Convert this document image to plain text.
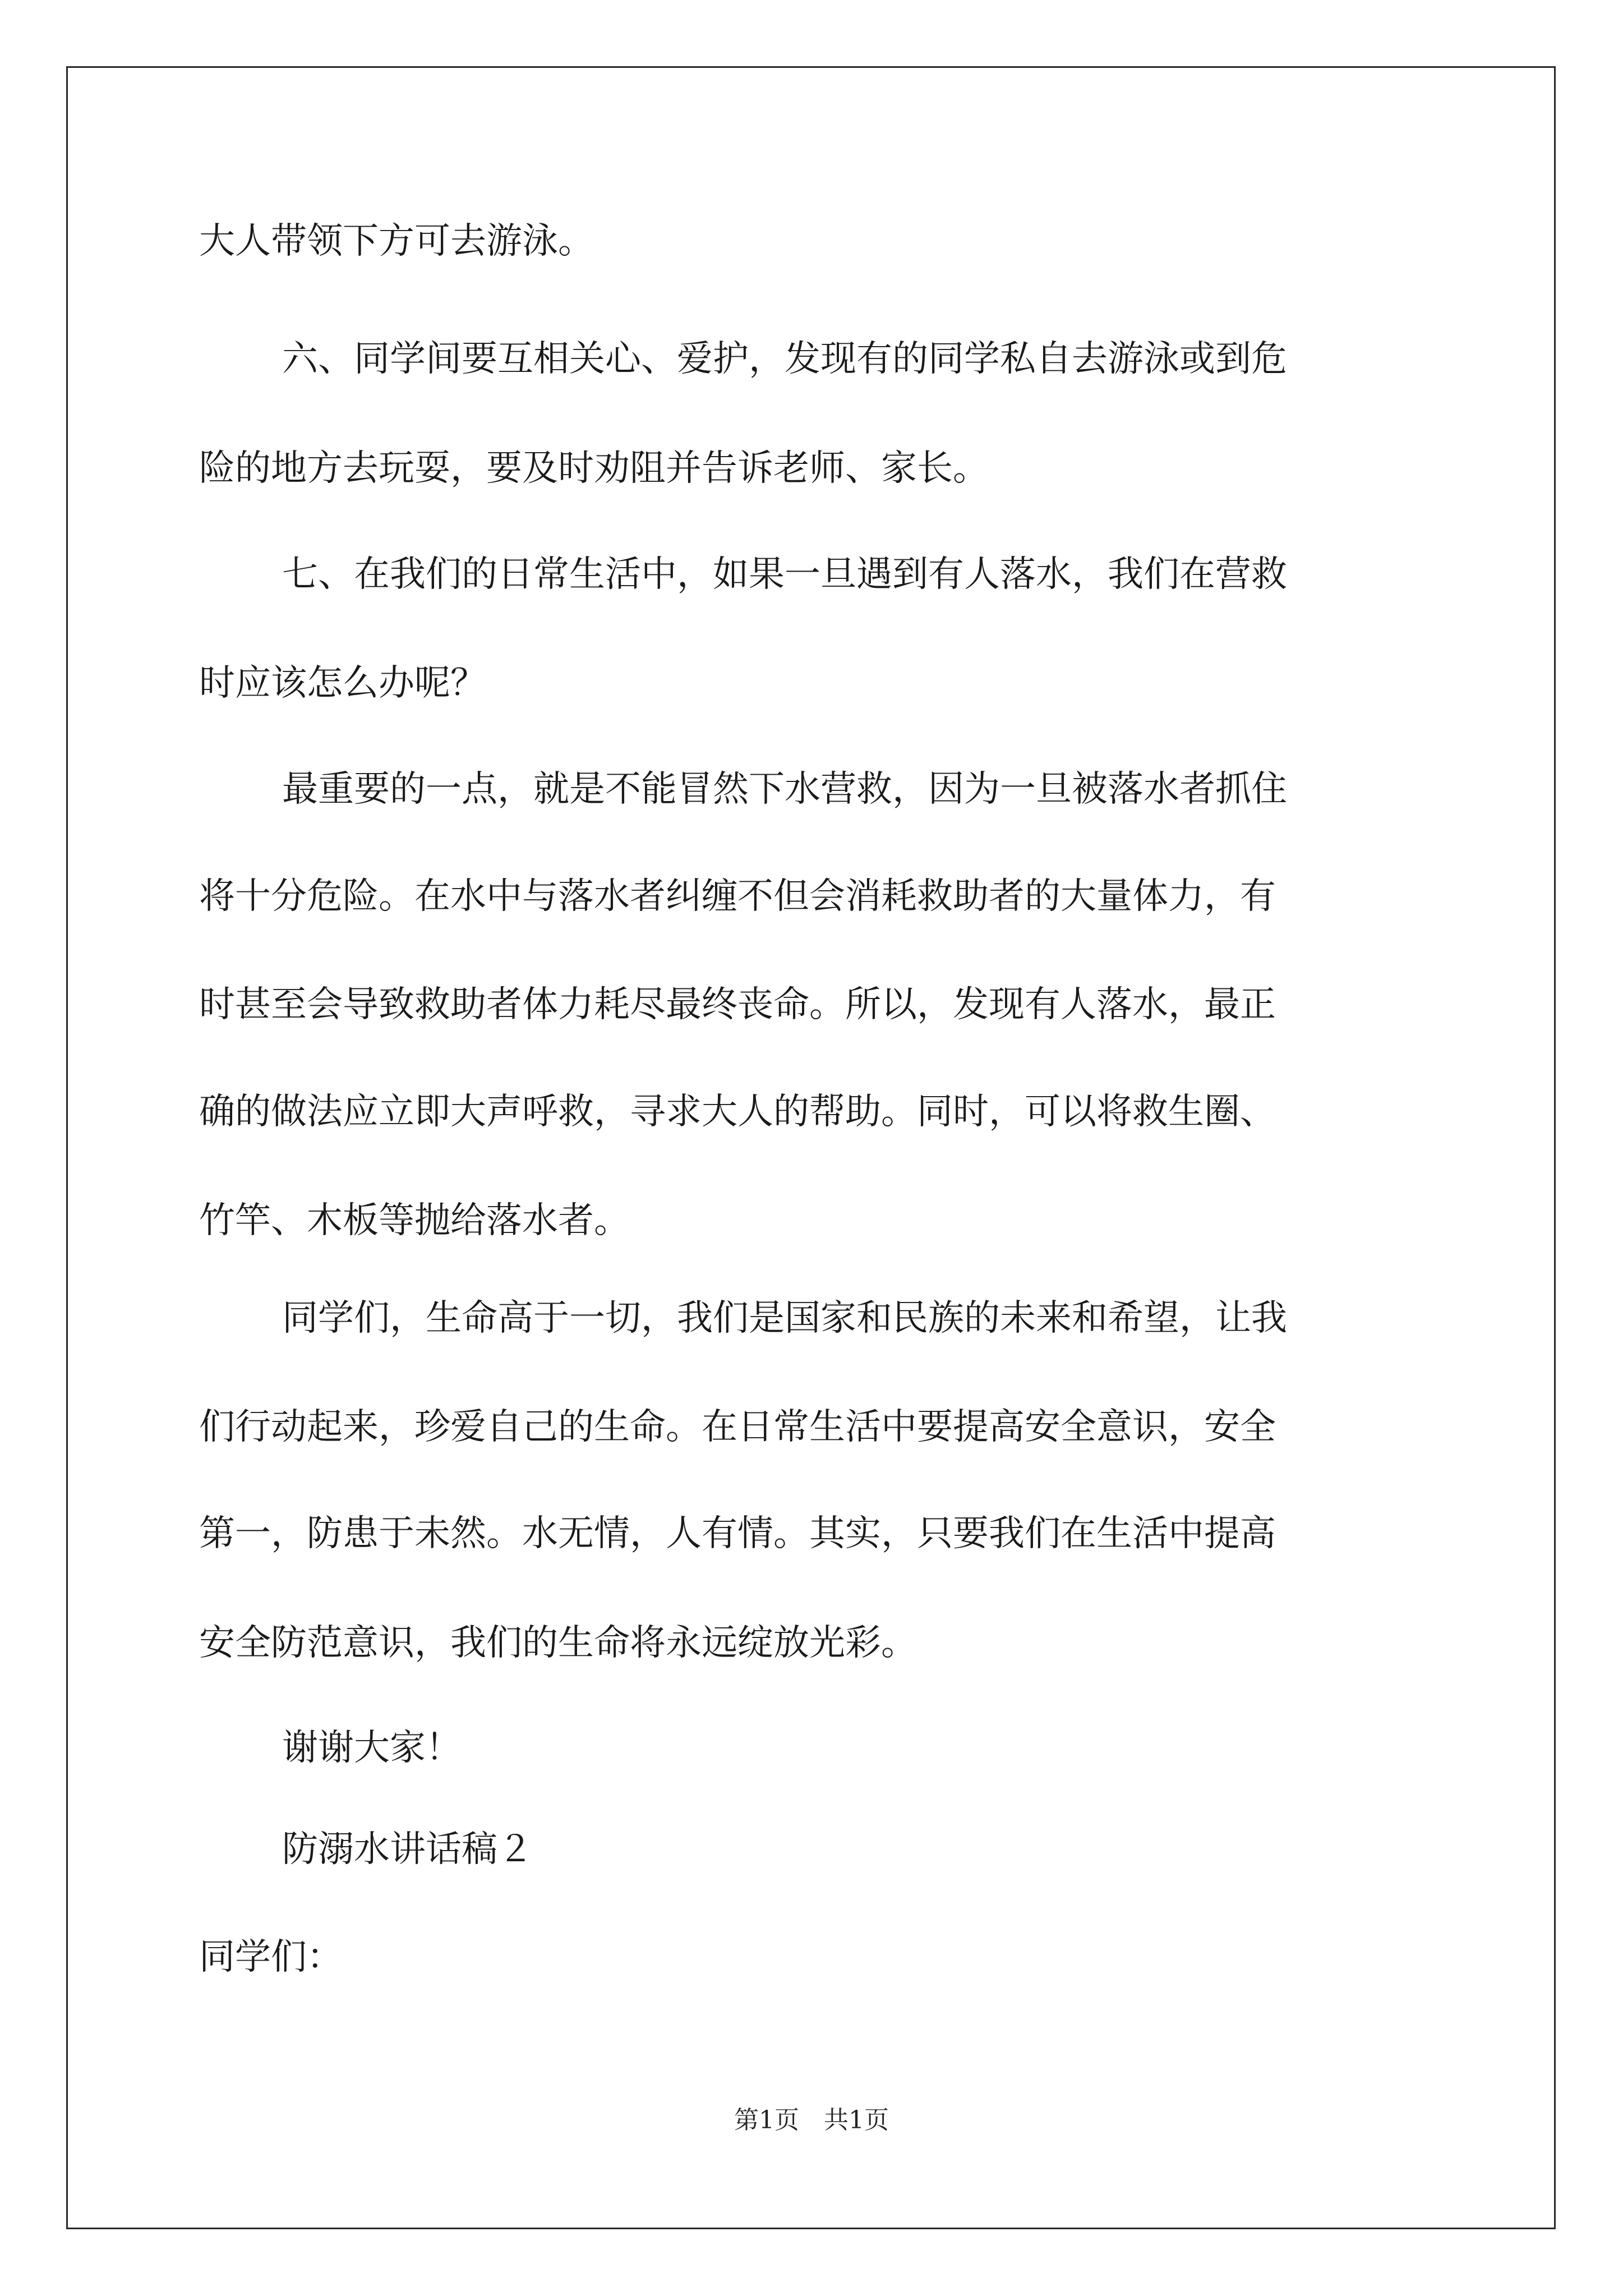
大人带领下方可去游泳。
六、同学间要互相关心、爱护，发现有的同学私自去游泳或到危
险的地方去玩耍，要及时劝阻并告诉老师、家长。
七、在我们的日常生活中，如果一旦遇到有人落水，我们在营救
时应该怎么办呢？
最重要的一点，就是不能冒然下水营救，因为一旦被落水者抓住
将十分危险。在水中与落水者纠缠不但会消耗救助者的大量体力，有
时甚至会导致救助者体力耗尽最终丧命。所以，发现有人落水，最正
确的做法应立即大声呼救，寻求大人的帮助。同时，可以将救生圈、
竹竿、木板等抛给落水者。
同学们，生命高于一切，我们是国家和民族的未来和希望，让我
们行动起来，珍爱自己的生命。在日常生活中要提高安全意识，安全
第一，防患于未然。水无情，人有情。其实，只要我们在生活中提高
安全防范意识，我们的生命将永远绽放光彩。
谢谢大家！
防溺水讲话稿２
同学们：
第1页　共1页
